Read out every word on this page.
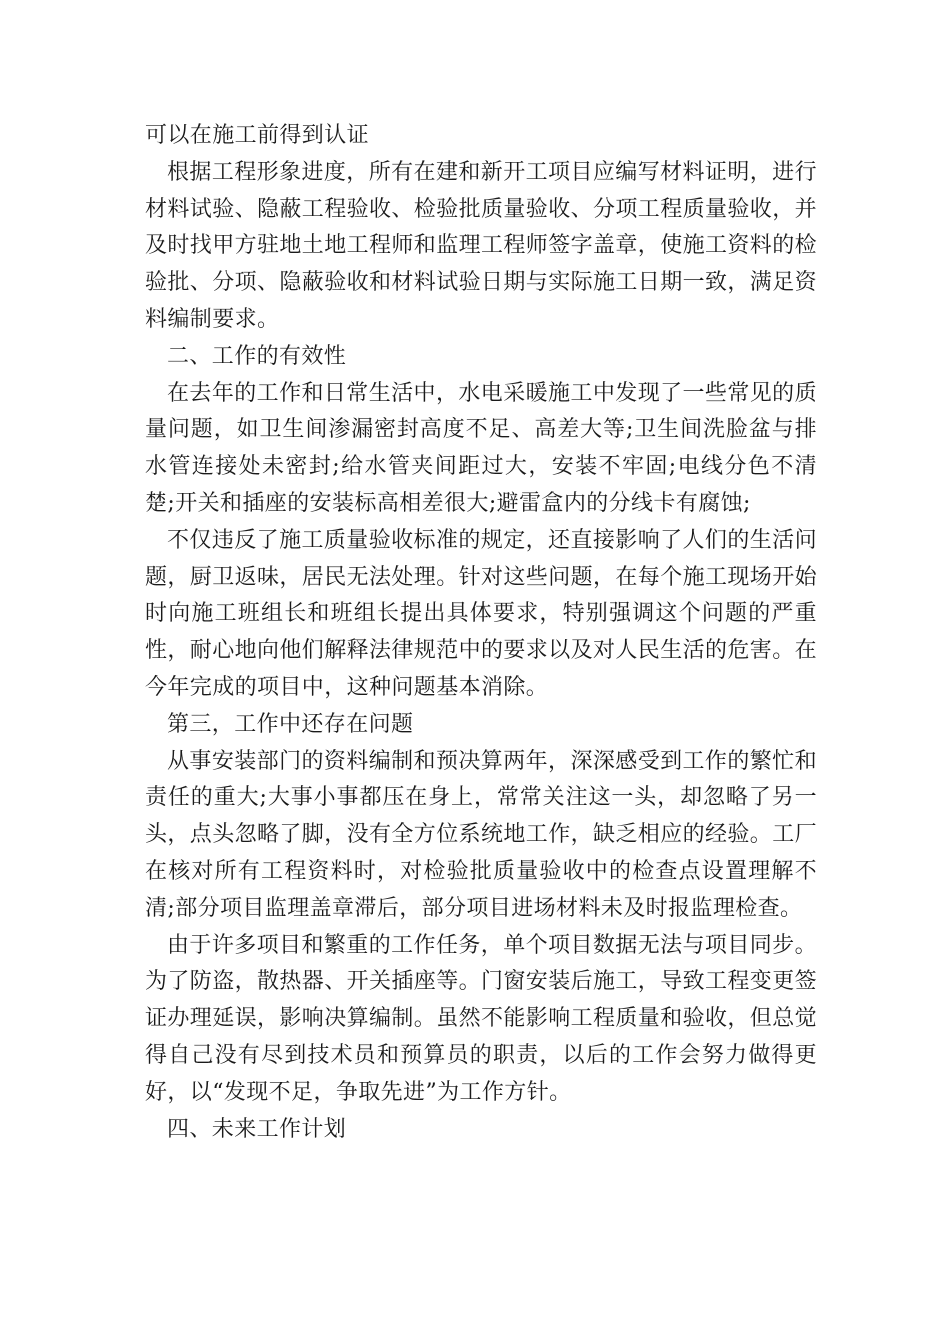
可以在施工前得到认证

根据工程形象进度，所有在建和新开工项目应编写材料证明，进行材料试验、隐蔽工程验收、检验批质量验收、分项工程质量验收，并及时找甲方驻地土地工程师和监理工程师签字盖章，使施工资料的检验批、分项、隐蔽验收和材料试验日期与实际施工日期一致，满足资料编制要求。

二、工作的有效性

在去年的工作和日常生活中，水电采暖施工中发现了一些常见的质量问题，如卫生间渗漏密封高度不足、高差大等;卫生间洗脸盆与排水管连接处未密封;给水管夹间距过大，安装不牢固;电线分色不清楚;开关和插座的安装标高相差很大;避雷盒内的分线卡有腐蚀;

不仅违反了施工质量验收标准的规定，还直接影响了人们的生活问题，厨卫返味，居民无法处理。针对这些问题，在每个施工现场开始时向施工班组长和班组长提出具体要求，特别强调这个问题的严重性，耐心地向他们解释法律规范中的要求以及对人民生活的危害。在今年完成的项目中，这种问题基本消除。

第三，工作中还存在问题

从事安装部门的资料编制和预决算两年，深深感受到工作的繁忙和责任的重大;大事小事都压在身上，常常关注这一头，却忽略了另一头，点头忽略了脚，没有全方位系统地工作，缺乏相应的经验。工厂在核对所有工程资料时，对检验批质量验收中的检查点设置理解不清;部分项目监理盖章滞后，部分项目进场材料未及时报监理检查。

由于许多项目和繁重的工作任务，单个项目数据无法与项目同步。为了防盗，散热器、开关插座等。门窗安装后施工，导致工程变更签证办理延误，影响决算编制。虽然不能影响工程质量和验收，但总觉得自己没有尽到技术员和预算员的职责，以后的工作会努力做得更好，以“发现不足，争取先进”为工作方针。

四、未来工作计划
